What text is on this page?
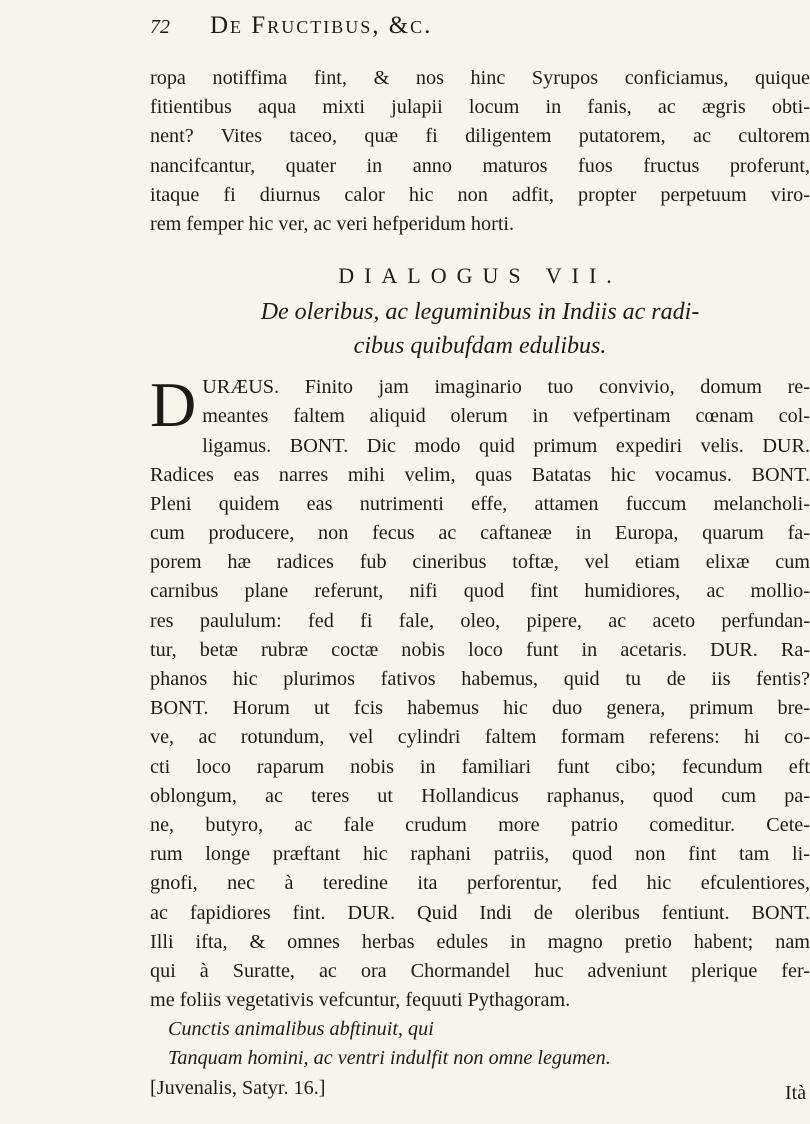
72 De Fructibus, &c.
ropa notiffima fint, & nos hinc Syrupos conficiamus, quique
fitientibus aqua mixti julapii locum in fanis, ac ægris obti-
nent? Vites taceo, quæ fi diligentem putatorem, ac cultorem
nancifcantur, quater in anno maturos fuos fructus proferunt,
itaque fi diurnus calor hic non adfit, propter perpetuum viro-
rem femper hic ver, ac veri hefperidum horti.
DIALOGUS VII.
De oleribus, ac leguminibus in Indiis ac radi-
cibus quibufdam edulibus.
D URÆUS. Finito jam imaginario tuo convivio, domum re-
meantes faltem aliquid olerum in vefpertinam cœnam col-
ligamus. BONT. Dic modo quid primum expediri velis. DUR.
Radices eas narres mihi velim, quas Batatas hic vocamus. BONT.
Pleni quidem eas nutrimenti effe, attamen fuccum melancholi-
cum producere, non fecus ac caftaneæ in Europa, quarum fa-
porem hæ radices fub cineribus toftæ, vel etiam elixæ cum
carnibus plane referunt, nifi quod fint humidiores, ac mollio-
res paululum: fed fi fale, oleo, pipere, ac aceto perfundan-
tur, betæ rubræ coctæ nobis loco funt in acetaris. DUR. Ra-
phanos hic plurimos fativos habemus, quid tu de iis fentis?
BONT. Horum ut fcis habemus hic duo genera, primum bre-
ve, ac rotundum, vel cylindri faltem formam referens: hi co-
cti loco raparum nobis in familiari funt cibo; fecundum eft
oblongum, ac teres ut Hollandicus raphanus, quod cum pa-
ne, butyro, ac fale crudum more patrio comeditur. Cete-
rum longe præftant hic raphani patriis, quod non fint tam li-
gnofi, nec à teredine ita perforentur, fed hic efculentiores,
ac fapidiores fint. DUR. Quid Indi de oleribus fentiunt. BONT.
Illi ifta, & omnes herbas edules in magno pretio habent; nam
qui à Suratte, ac ora Chormandel huc adveniunt plerique fer-
me foliis vegetativis vefcuntur, fequuti Pythagoram.
Cunctis animalibus abftinuit, qui
Tanquam homini, ac ventri indulfit non omne legumen.
[Juvenalis, Satyr. 16.]	Ità
